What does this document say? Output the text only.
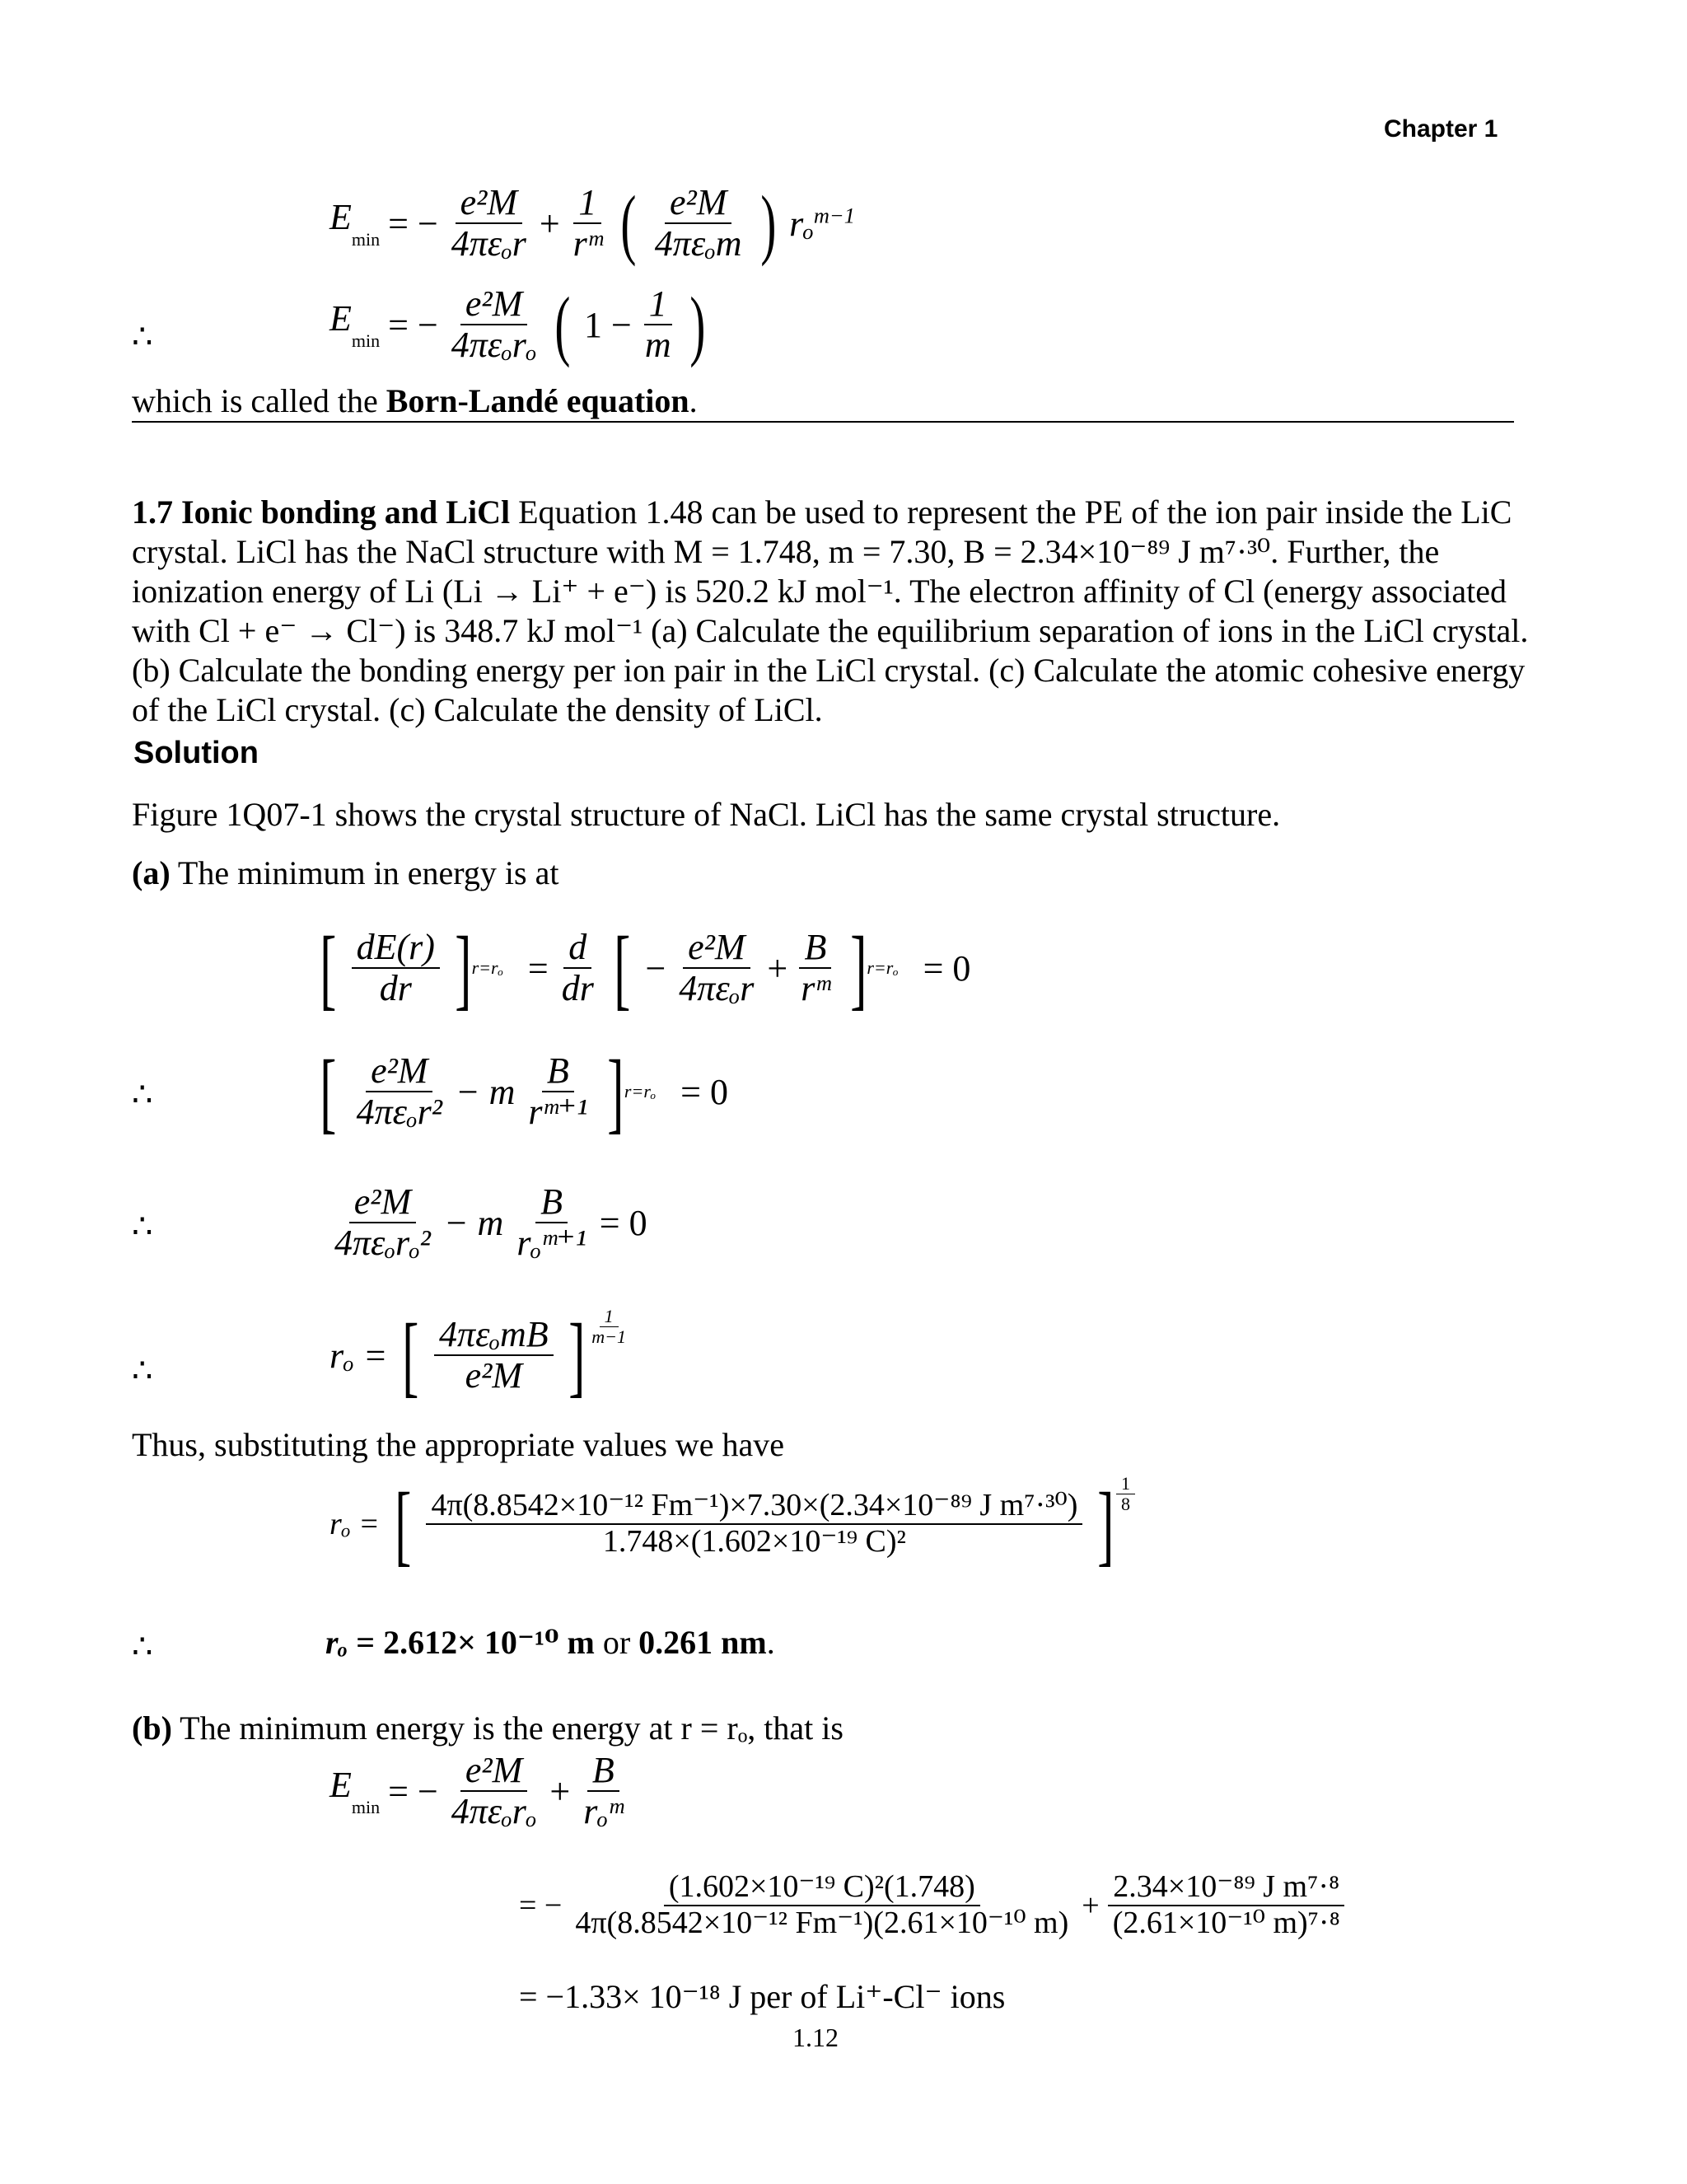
Chapter 1
$E_{min}$ = − $\frac{\text{e²M}}{\text{4πεₒr}} + \frac{1}{\text{rᵐ}}$ ( $\frac{\text{e²M}}{\text{4πεₒm}}$ ) rₒ$^{m-1}$
∴	$E_{min}$ = − $\frac{\text{e²M}}{\text{4πεₒrₒ}}$ ( $1 - \frac{1}{m}$ )
which is called the Born-Landé equation.
1.7 Ionic bonding and LiCl Equation 1.48 can be used to represent the PE of the ion pair inside the LiC
crystal. LiCl has the NaCl structure with M = 1.748, m = 7.30, B = 2.34×10⁻⁸⁹ J m⁷·³⁰. Further, the
ionization energy of Li (Li → Li⁺ + e⁻) is 520.2 kJ mol⁻¹. The electron affinity of Cl (energy associated
with Cl + e⁻ → Cl⁻) is 348.7 kJ mol⁻¹ (a) Calculate the equilibrium separation of ions in the LiCl crystal.
(b) Calculate the bonding energy per ion pair in the LiCl crystal. (c) Calculate the atomic cohesive energy
of the LiCl crystal. (c) Calculate the density of LiCl.
Solution
Figure 1Q07-1 shows the crystal structure of NaCl. LiCl has the same crystal structure.
(a) The minimum in energy is at
[ $\frac{dE(r)}{dr}$ ] $r=r_o = \frac{d}{dr}$ [ − $\frac{\text{e²M}}{\text{4πεₒr}} + \frac{B}{\text{rᵐ}}$ ] r=rₒ = 0
∴ [ $\frac{\text{e²M}}{\text{4πεₒr²}} - m \frac{B}{\text{rᵐ⁺¹}}$ ] r=rₒ = 0
∴	$\frac{\text{e²M}}{\text{4πεₒrₒ²}} - m \frac{B}{\text{rₒᵐ⁺¹}} = 0$
∴	rₒ = [ $\frac{\text{4πεₒmB}}{\text{e²M}}$ ] $\frac{1}{m-1}$
Thus, substituting the appropriate values we have
rₒ = [ $\frac{\text{4π(8.8542×10⁻¹² Fm⁻¹)×7.30×(2.34×10⁻⁸⁹ J m⁷·³⁰)}}{\text{1.748×(1.602×10⁻¹⁹ C)²}}$ ] $\frac{1}{8}$
∴	rₒ = 2.612× 10⁻¹⁰ m or 0.261 nm.
(b) The minimum energy is the energy at r = rₒ, that is
$E_{min}$ = − $\frac{\text{e²M}}{\text{4πεₒrₒ}} + \frac{B}{\text{rₒᵐ}}$
= − $\frac{\text{(1.602×10⁻¹⁹ C)²(1.748)}}{\text{4π(8.8542×10⁻¹² Fm⁻¹)(2.61×10⁻¹⁰ m)}} + \frac{\text{2.34×10⁻⁸⁹ J m⁷·⁸}}{\text{(2.61×10⁻¹⁰ m)⁷·⁸}}$
= −1.33× 10⁻¹⁸ J per of Li⁺-Cl⁻ ions
1.12
